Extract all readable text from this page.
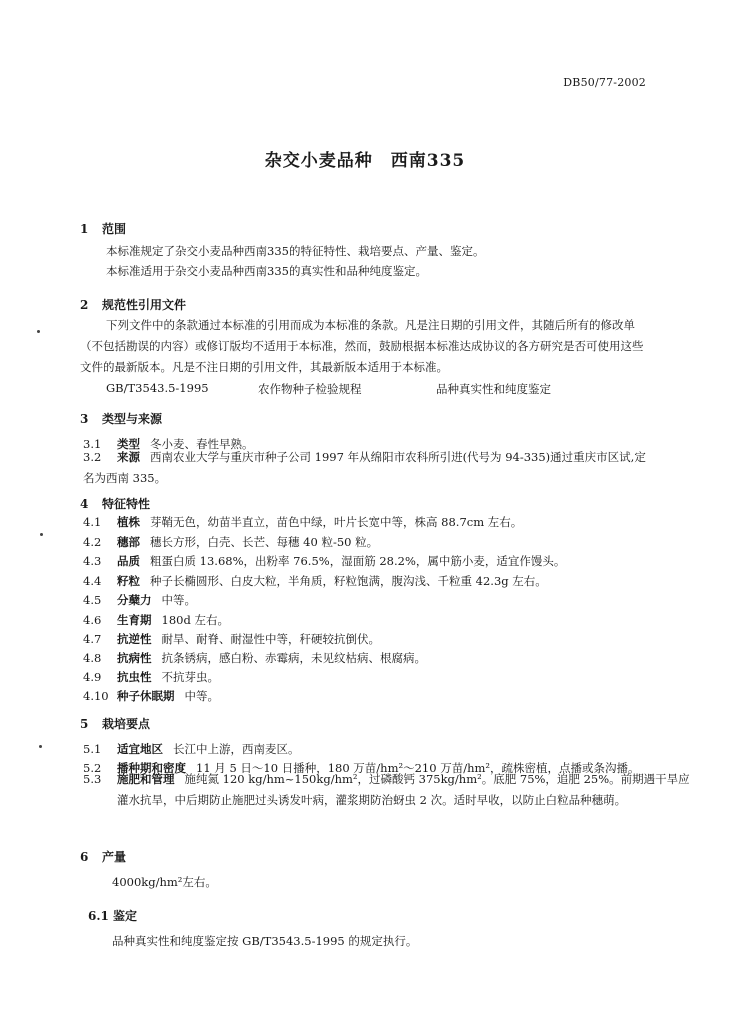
DB50/77-2002
杂交小麦品种　西南335
1 范围
本标准规定了杂交小麦品种西南335的特征特性、栽培要点、产量、鉴定。
本标准适用于杂交小麦品种西南335的真实性和品种纯度鉴定。
2 规范性引用文件
下列文件中的条款通过本标准的引用而成为本标准的条款。凡是注日期的引用文件，其随后所有的修改单（不包括勘误的内容）或修订版均不适用于本标准，然而，鼓励根据本标准达成协议的各方研究是否可使用这些文件的最新版本。凡是不注日期的引用文件，其最新版本适用于本标准。
GB/T3543.5-1995	农作物种子检验规程	品种真实性和纯度鉴定
3 类型与来源
3.1 类型 冬小麦、春性早熟。
3.2 来源 西南农业大学与重庆市种子公司 1997 年从绵阳市农科所引进(代号为 94-335)通过重庆市区试,定名为西南 335。
4 特征特性
4.1 植株 芽鞘无色，幼苗半直立，苗色中绿，叶片长宽中等，株高 88.7cm 左右。
4.2 穗部 穗长方形，白壳、长芒、每穗 40 粒-50 粒。
4.3 品质 粗蛋白质 13.68%，出粉率 76.5%，湿面筋 28.2%，属中筋小麦，适宜作馒头。
4.4 籽粒 种子长椭圆形、白皮大粒，半角质，籽粒饱满，腹沟浅、千粒重 42.3g 左右。
4.5 分蘖力 中等。
4.6 生育期 180d 左右。
4.7 抗逆性 耐旱、耐脊、耐湿性中等，秆硬较抗倒伏。
4.8 抗病性 抗条锈病，感白粉、赤霉病，未见纹枯病、根腐病。
4.9 抗虫性 不抗芽虫。
4.10 种子休眠期 中等。
5 栽培要点
5.1 适宜地区 长江中上游，西南麦区。
5.2 播种期和密度 11 月 5 日～10 日播种，180 万苗/hm²～210 万苗/hm²，疏株密植，点播或条沟播。
5.3 施肥和管理 施纯氮 120 kg/hm~150kg/hm²，过磷酸钙 375kg/hm²。底肥 75%，追肥 25%。前期遇干旱应灌水抗旱，中后期防止施肥过头诱发叶病，灌浆期防治蚜虫 2 次。适时早收，以防止白粒品种穗萌。
6 产量
4000kg/hm²左右。
6.1 鉴定
品种真实性和纯度鉴定按 GB/T3543.5-1995 的规定执行。
